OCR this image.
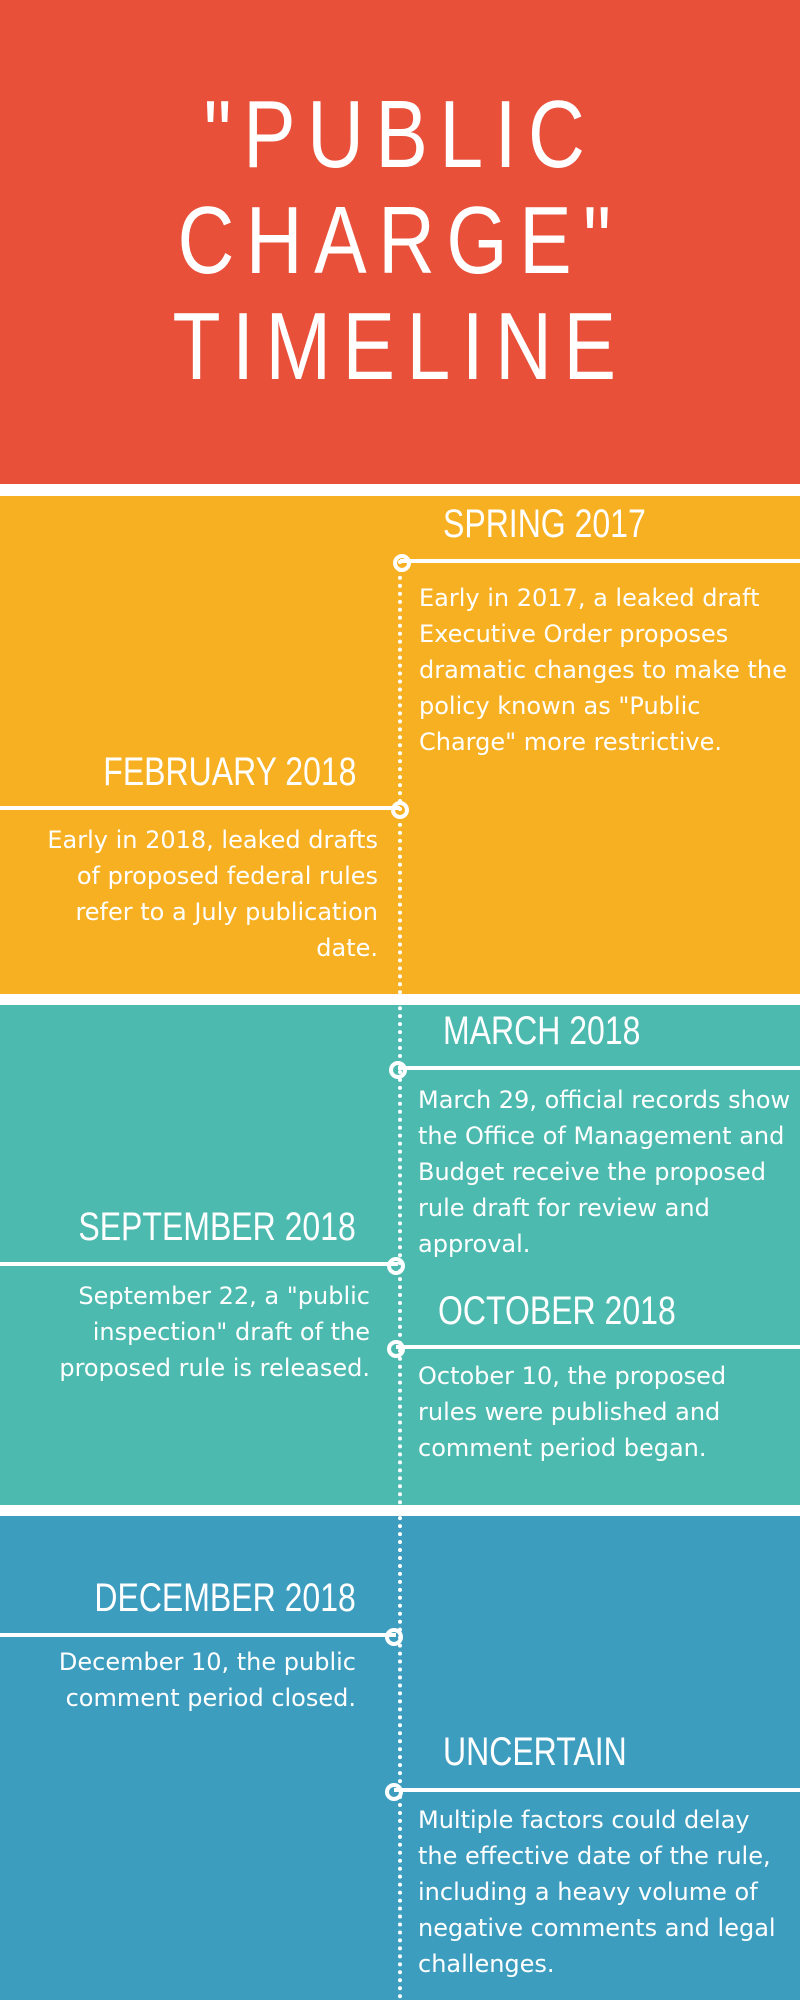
"PUBLIC
CHARGE"
TIMELINE
SPRING 2017
Early in 2017, a leaked draft Executive Order proposes dramatic changes to make the policy known as "Public Charge" more restrictive.
FEBRUARY 2018
Early in 2018, leaked drafts of proposed federal rules refer to a July publication date.
MARCH 2018
March 29, official records show the Office of Management and Budget receive the proposed rule draft for review and approval.
SEPTEMBER 2018
September 22, a "public inspection" draft of the proposed rule is released.
OCTOBER 2018
October 10, the proposed rules were published and comment period began.
DECEMBER 2018
December 10, the public comment period closed.
UNCERTAIN
Multiple factors could delay the effective date of the rule, including a heavy volume of negative comments and legal challenges.
